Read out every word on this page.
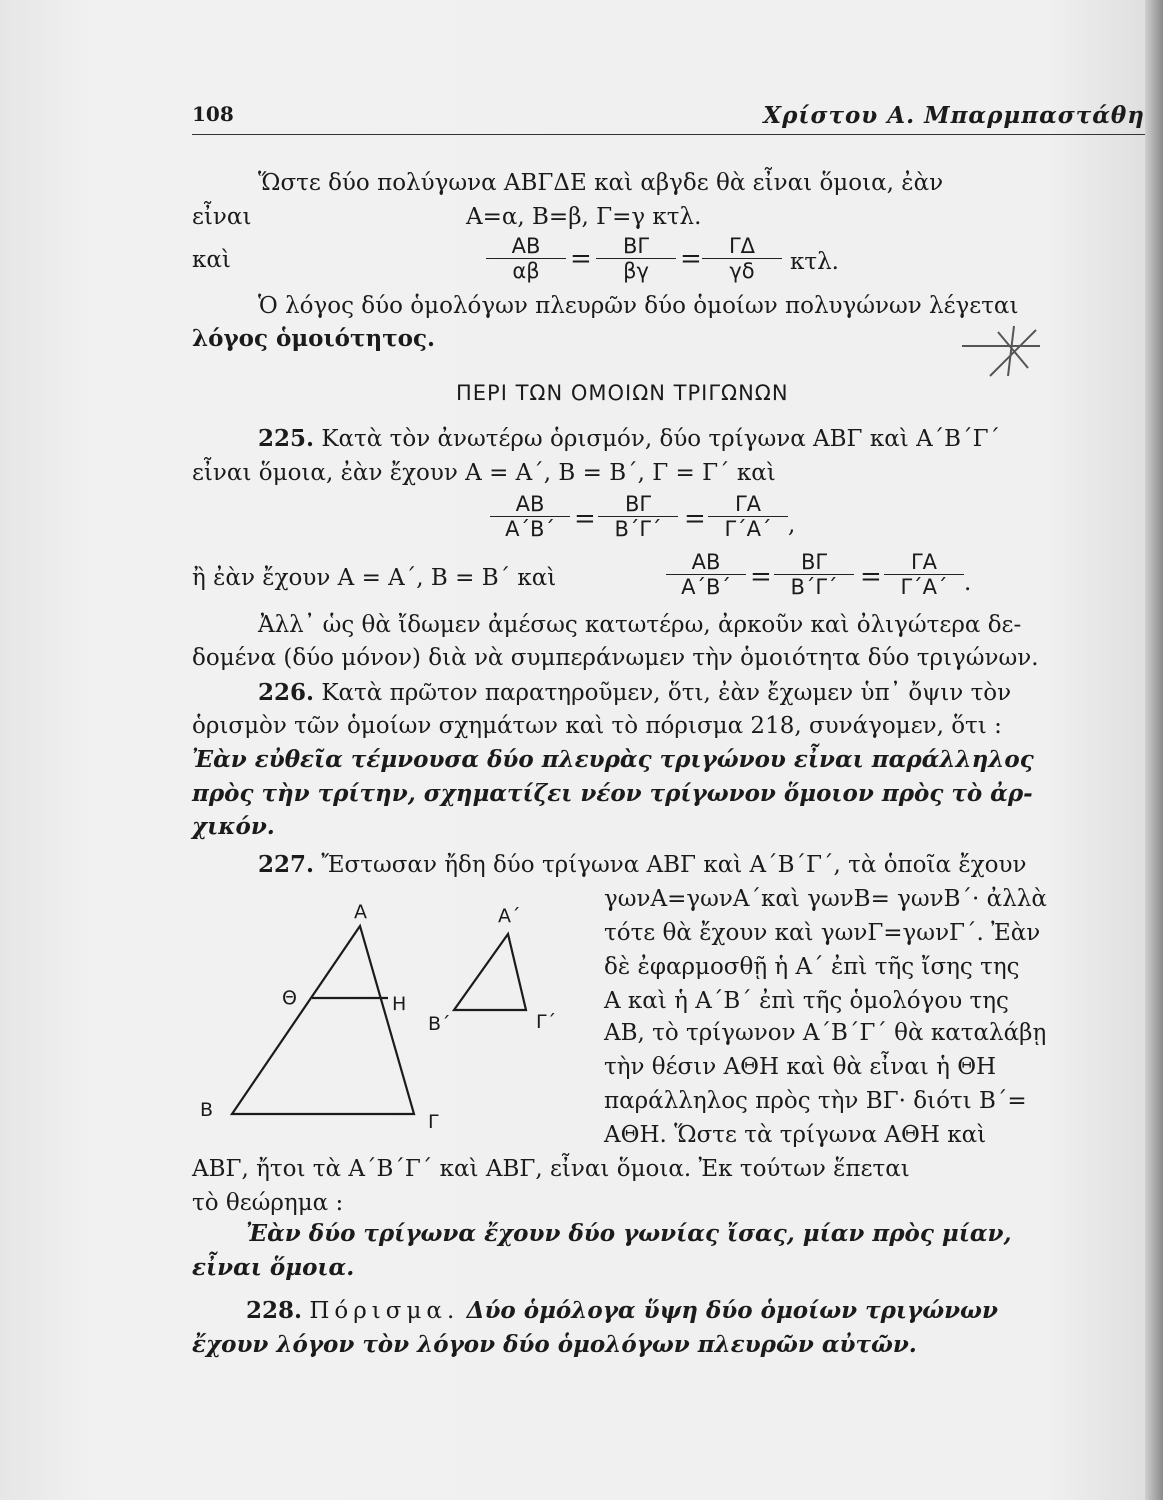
108	Χρίστου Α. Μπαρμπαστάθη
Ὥστε δύο πολύγωνα ΑΒΓΔΕ καὶ αβγδε θὰ εἶναι ὅμοια, ἐὰν
εἶναι	Α=α, Β=β, Γ=γ κτλ.
καὶ	$\frac{AB}{\alpha\beta} = \frac{B\Gamma}{\beta\gamma} = \frac{\Gamma\Delta}{\gamma\delta} \kappa\tau\lambda$.
Ὁ λόγος δύο ὁμολόγων πλευρῶν δύο ὁμοίων πολυγώνων λέγεται
λόγος ὁμοιότητος.
ΠΕΡΙ ΤΩΝ ΟΜΟΙΩΝ ΤΡΙΓΩΝΩΝ
225. Κατὰ τὸν ἀνωτέρω ὁρισμόν, δύο τρίγωνα ΑΒΓ καὶ Α΄Β΄Γ΄
εἶναι ὅμοια, ἐὰν ἔχουν Α = Α΄, Β = Β΄, Γ = Γ΄ καὶ
$\frac{AB}{A΄B΄} = \frac{B\Gamma}{B΄\Gamma΄} = \frac{\Gamma A}{\Gamma΄A΄}$ ,
ἢ ἐὰν ἔχουν Α = Α΄, Β = Β΄ καὶ	$\frac{AB}{A΄B΄} = \frac{B\Gamma}{B΄\Gamma΄} = \frac{\Gamma A}{\Gamma΄A΄}$ .
Ἀλλ᾿ ὡς θὰ ἴδωμεν ἀμέσως κατωτέρω, ἀρκοῦν καὶ ὀλιγώτερα δε-
δομένα (δύο μόνον) διὰ νὰ συμπεράνωμεν τὴν ὁμοιότητα δύο τριγώνων.
226. Κατὰ πρῶτον παρατηροῦμεν, ὅτι, ἐὰν ἔχωμεν ὑπ᾿ ὄψιν τὸν
ὁρισμὸν τῶν ὁμοίων σχημάτων καὶ τὸ πόρισμα 218, συνάγομεν, ὅτι :
Ἐὰν εὐθεῖα τέμνουσα δύο πλευρὰς τριγώνου εἶναι παράλληλος
πρὸς τὴν τρίτην, σχηματίζει νέον τρίγωνον ὅμοιον πρὸς τὸ ἀρ-
χικόν.
227. Ἔστωσαν ἤδη δύο τρίγωνα ΑΒΓ καὶ Α΄Β΄Γ΄, τὰ ὁποῖα ἔχουν
γωνΑ=γωνΑ΄καὶ γωνΒ= γωνΒ΄· ἀλλὰ
τότε θὰ ἔχουν καὶ γωνΓ=γωνΓ΄. Ἐὰν
δὲ ἐφαρμοσθῇ ἡ Α΄ ἐπὶ τῆς ἴσης της
Α καὶ ἡ Α΄Β΄ ἐπὶ τῆς ὁμολόγου της
ΑΒ, τὸ τρίγωνον Α΄Β΄Γ΄ θὰ καταλάβῃ
τὴν θέσιν ΑΘΗ καὶ θὰ εἶναι ἡ ΘΗ
παράλληλος πρὸς τὴν ΒΓ· διότι Β΄=
ΑΘΗ. Ὥστε τὰ τρίγωνα ΑΘΗ καὶ
ΑΒΓ, ἤτοι τὰ Α΄Β΄Γ΄ καὶ ΑΒΓ, εἶναι ὅμοια. Ἐκ τούτων ἕπεται
τὸ θεώρημα :
Ἐὰν δύο τρίγωνα ἔχουν δύο γωνίας ἴσας, μίαν πρὸς μίαν,
εἶναι ὅμοια.
Α
Β
Γ
Θ	Η
Α΄
Β΄	Γ΄
228. Πόρισμα. Δύο ὁμόλογα ὕψη δύο ὁμοίων τριγώνων
ἔχουν λόγον τὸν λόγον δύο ὁμολόγων πλευρῶν αὐτῶν.
